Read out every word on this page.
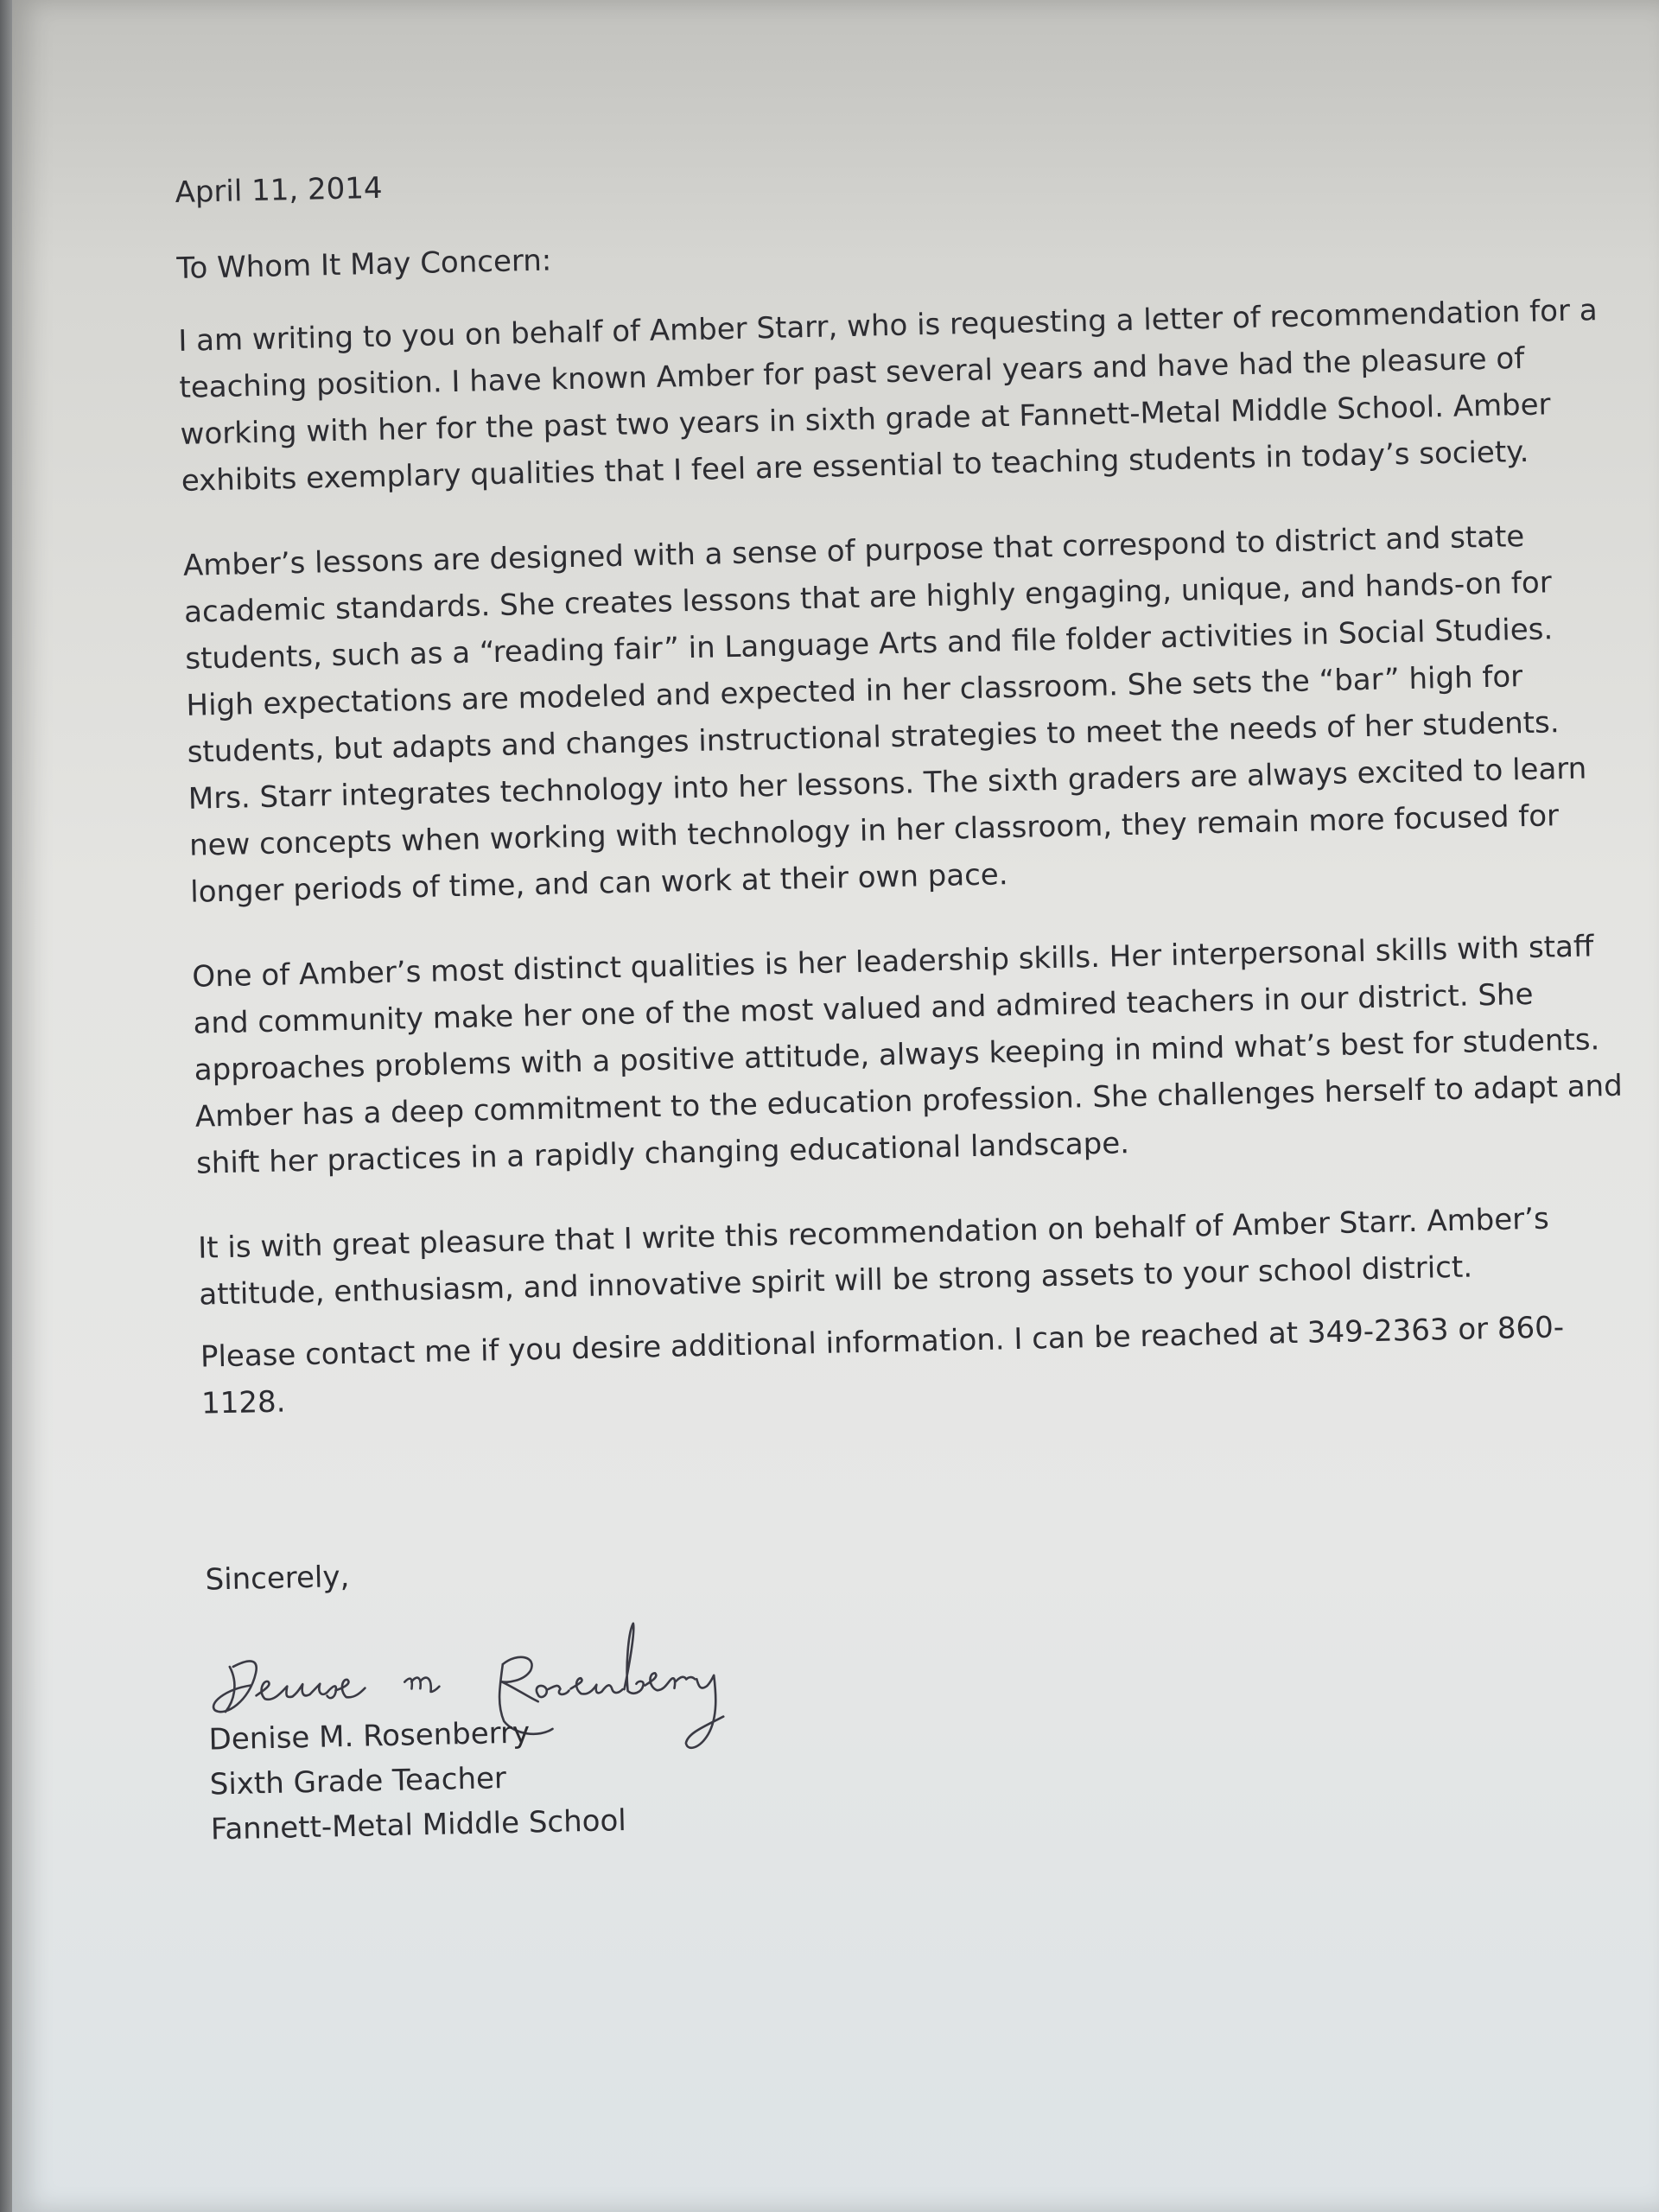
April 11, 2014

To Whom It May Concern:

I am writing to you on behalf of Amber Starr, who is requesting a letter of recommendation for a teaching position. I have known Amber for past several years and have had the pleasure of working with her for the past two years in sixth grade at Fannett-Metal Middle School. Amber exhibits exemplary qualities that I feel are essential to teaching students in today’s society.

Amber’s lessons are designed with a sense of purpose that correspond to district and state academic standards. She creates lessons that are highly engaging, unique, and hands-on for students, such as a “reading fair” in Language Arts and file folder activities in Social Studies. High expectations are modeled and expected in her classroom. She sets the “bar” high for students, but adapts and changes instructional strategies to meet the needs of her students. Mrs. Starr integrates technology into her lessons. The sixth graders are always excited to learn new concepts when working with technology in her classroom, they remain more focused for longer periods of time, and can work at their own pace.

One of Amber’s most distinct qualities is her leadership skills. Her interpersonal skills with staff and community make her one of the most valued and admired teachers in our district. She approaches problems with a positive attitude, always keeping in mind what’s best for students. Amber has a deep commitment to the education profession. She challenges herself to adapt and shift her practices in a rapidly changing educational landscape.

It is with great pleasure that I write this recommendation on behalf of Amber Starr. Amber’s attitude, enthusiasm, and innovative spirit will be strong assets to your school district.

Please contact me if you desire additional information. I can be reached at 349-2363 or 860-1128.

Sincerely,

Denise M. Rosenberry
Sixth Grade Teacher
Fannett-Metal Middle School
